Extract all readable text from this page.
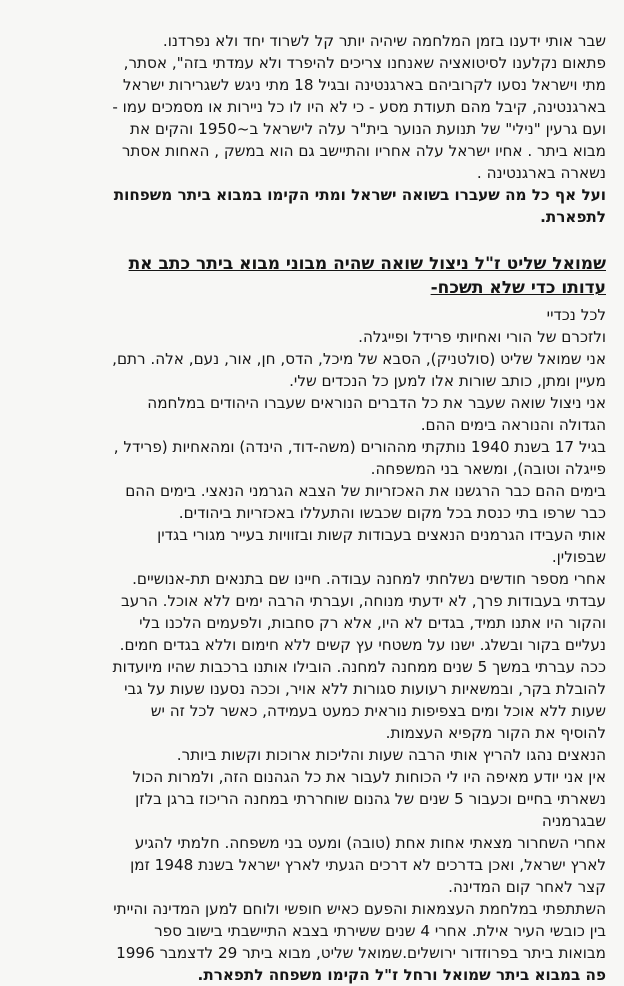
שבר אותי ידענו בזמן המלחמה שיהיה יותר קל לשרוד יחד ולא נפרדנו.

פתאום נקלענו לסיטואציה שאנחנו צריכים להיפרד ולא עמדתי בזה", אסתר,

מתי וישראל נסעו לקרוביהם בארגנטינה ובגיל 18 מתי ניגש לשגרירות ישראל

בארגנטינה, קיבל מהם תעודת מסע - כי לא היו לו כל ניירות או מסמכים עמו -

ועם גרעין "נילי" של תנועת הנוער בית"ר עלה לישראל ב~1950 והקים את

מבוא ביתר . אחיו ישראל עלה אחריו והתיישב גם הוא במשק , האחות אסתר

נשארה בארגנטינה .

ועל אף כל מה שעברו בשואה ישראל ומתי הקימו במבוא ביתר משפחות

לתפארת.

שמואל שליט ז"ל ניצול שואה שהיה מבוני מבוא ביתר כתב את

עדותו כדי שלא תשכח-

לכל נכדיי

ולזכרם של הורי ואחיותי פרידל ופייגלה.

אני שמואל שליט (סולטניק), הסבא של מיכל, הדס, חן, אור, נעם, אלה. רתם,

מעיין ומתן, כותב שורות אלו למען כל הנכדים שלי.

אני ניצול שואה שעבר את כל הדברים הנוראים שעברו היהודים במלחמה

הגדולה והנוראה בימים ההם.

בגיל 17 בשנת 1940 נותקתי מההורים (משה-דוד, הינדה) ומהאחיות (פרידל ,

פייגלה וטובה), ומשאר בני המשפחה.

בימים ההם כבר הרגשנו את האכזריות של הצבא הגרמני הנאצי. בימים ההם

כבר שרפו בתי כנסת בכל מקום שכבשו והתעללו באכזריות ביהודים.

אותי העבידו הגרמנים הנאצים בעבודות קשות ובזוויות בעייר מגורי בגדין

שבפולין.

אחרי מספר חודשים נשלחתי למחנה עבודה. חיינו שם בתנאים תת-אנושיים.

עבדתי בעבודות פרך, לא ידעתי מנוחה, ועברתי הרבה ימים ללא אוכל. הרעב

והקור היו אתנו תמיד, בגדים לא היו, אלא רק סחבות, ולפעמים הלכנו בלי

נעליים בקור ובשלג. ישנו על משטחי עץ קשים ללא חימום וללא בגדים חמים.

ככה עברתי במשך 5 שנים ממחנה למחנה. הובילו אותנו ברכבות שהיו מיועדות

להובלת בקר, ובמשאיות רעועות סגורות ללא אויר, וככה נסענו שעות על גבי

שעות ללא אוכל ומים בצפיפות נוראית כמעט בעמידה, כאשר לכל זה יש

להוסיף את הקור מקפיא העצמות.

הנאצים נהגו להריץ אותי הרבה שעות והליכות ארוכות וקשות ביותר.

אין אני יודע מאיפה היו לי הכוחות לעבור את כל הגהנום הזה, ולמרות הכול

נשארתי בחיים וכעבור 5 שנים של גהנום שוחררתי במחנה הריכוז ברגן בלזן

שבגרמניה

אחרי השחרור מצאתי אחות אחת (טובה) ומעט בני משפחה. חלמתי להגיע

לארץ ישראל, ואכן בדרכים לא דרכים הגעתי לארץ ישראל בשנת 1948 זמן

קצר לאחר קום המדינה.

השתתפתי במלחמת העצמאות והפעם כאיש חופשי ולוחם למען המדינה והייתי

בין כובשי העיר אילת. אחרי 4 שנים ששירתי בצבא התיישבתי בישוב ספר

מבואות ביתר בפרוזדור ירושלים.שמואל שליט, מבוא ביתר 29 לדצמבר 1996

פה במבוא ביתר שמואל ורחל ז"ל הקימו משפחה לתפארת.
